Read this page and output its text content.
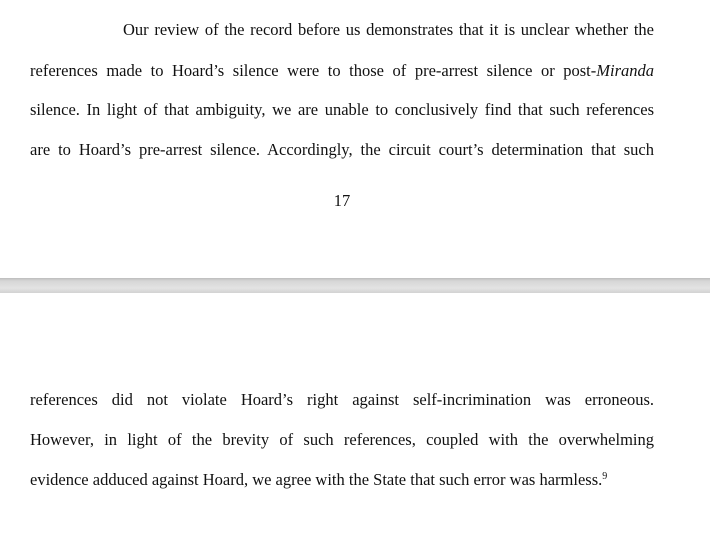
Our review of the record before us demonstrates that it is unclear whether the
references made to Hoard’s silence were to those of pre-arrest silence or post-Miranda
silence. In light of that ambiguity, we are unable to conclusively find that such references
are to Hoard’s pre-arrest silence. Accordingly, the circuit court’s determination that such
17
references did not violate Hoard’s right against self-incrimination was erroneous.
However, in light of the brevity of such references, coupled with the overwhelming
evidence adduced against Hoard, we agree with the State that such error was harmless.$^9$
